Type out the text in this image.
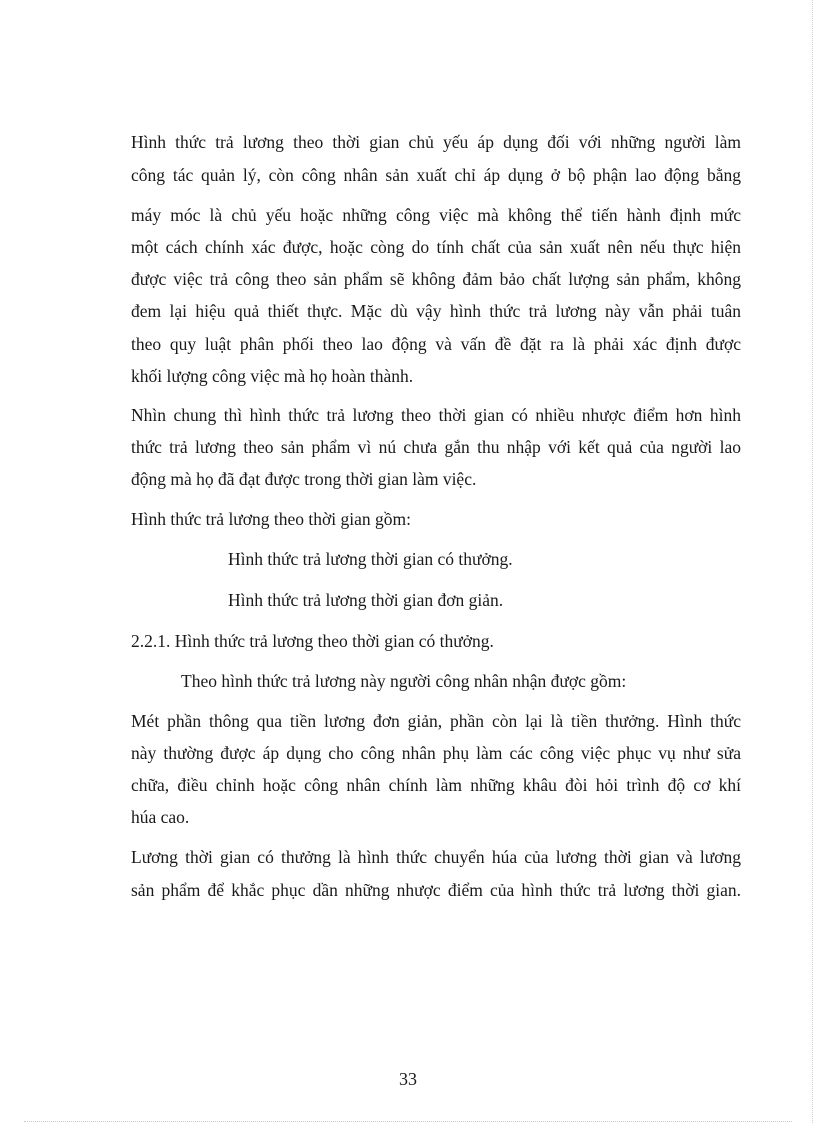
Hình thức trả lương theo thời gian chủ yếu áp dụng đối với những người làm
công tác quản lý, còn công nhân sản xuất chỉ áp dụng ở bộ phận lao động bằng
máy móc là chủ yếu hoặc những công việc mà không thể tiến hành định mức
một cách chính xác được, hoặc còng do tính chất của sản xuất nên nếu thực hiện
được việc trả công theo sản phẩm sẽ không đảm bảo chất lượng sản phẩm, không
đem lại hiệu quả thiết thực. Mặc dù vậy hình thức trả lương này vẫn phải tuân
theo quy luật phân phối theo lao động và vấn đề đặt ra là phải xác định được
khối lượng công việc mà họ hoàn thành.
Nhìn chung thì hình thức trả lương theo thời gian có nhiều nhược điểm hơn hình
thức trả lương theo sản phẩm vì nú chưa gắn thu nhập với kết quả của người lao
động mà họ đã đạt được trong thời gian làm việc.
Hình thức trả lương theo thời gian gồm:
Hình thức trả lương thời gian có thưởng.
Hình thức trả lương thời gian đơn giản.
2.2.1. Hình thức trả lương theo thời gian có thưởng.
Theo hình thức trả lương này người công nhân nhận được gồm:
Mét phần thông qua tiền lương đơn giản, phần còn lại là tiền thưởng. Hình thức
này thường được áp dụng cho công nhân phụ làm các công việc phục vụ như sửa
chữa, điều chỉnh hoặc công nhân chính làm những khâu đòi hỏi trình độ cơ khí
húa cao.
Lương thời gian có thưởng là hình thức chuyển húa của lương thời gian và lương
sản phẩm để khắc phục dần những nhược điểm của hình thức trả lương thời gian.
33
